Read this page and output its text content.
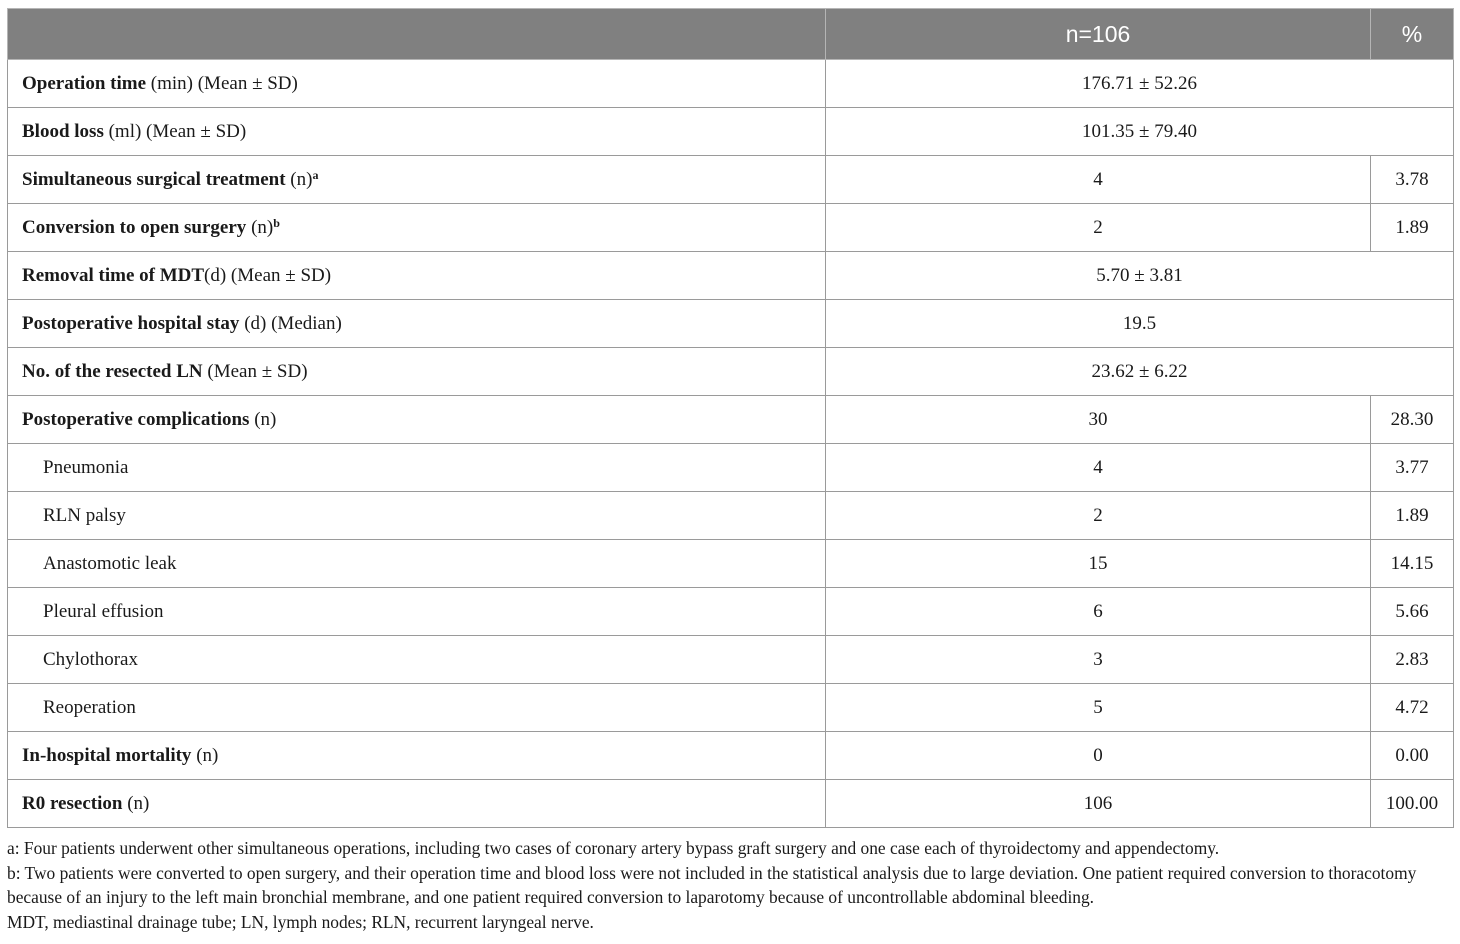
	n=106	%
Operation time (min) (Mean ± SD)	176.71 ± 52.26	
Blood loss (ml) (Mean ± SD)	101.35 ± 79.40	
Simultaneous surgical treatment $(n)^a$	4	3.78
Conversion to open surgery $(n)^b$	2	1.89
Removal time of MDT(d) (Mean ± SD)	5.70 ± 3.81	
Postoperative hospital stay (d) (Median)	19.5	
No. of the resected LN (Mean ± SD)	23.62 ± 6.22	
Postoperative complications (n)	30	28.30
Pneumonia	4	3.77
RLN palsy	2	1.89
Anastomotic leak	15	14.15
Pleural effusion	6	5.66
Chylothorax	3	2.83
Reoperation	5	4.72
In-hospital mortality (n)	0	0.00
R0 resection (n)	106	100.00

a: Four patients underwent other simultaneous operations, including two cases of coronary artery bypass graft surgery and one case each of thyroidectomy and appendectomy.

b: Two patients were converted to open surgery, and their operation time and blood loss were not included in the statistical analysis due to large deviation. One patient required conversion to thoracotomy because of an injury to the left main bronchial membrane, and one patient required conversion to laparotomy because of uncontrollable abdominal bleeding.

MDT, mediastinal drainage tube; LN, lymph nodes; RLN, recurrent laryngeal nerve.
